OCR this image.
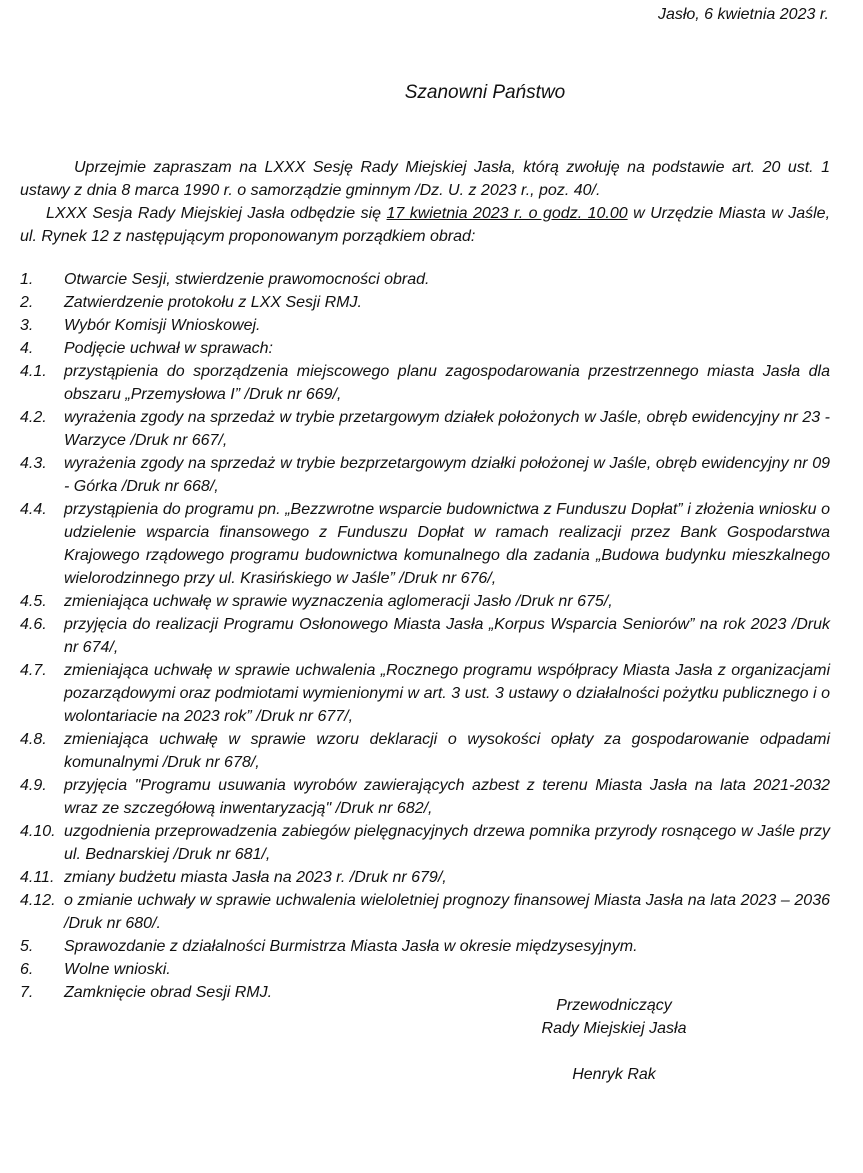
Jasło, 6 kwietnia 2023 r.
Szanowni Państwo

Uprzejmie zapraszam na LXXX Sesję Rady Miejskiej Jasła, którą zwołuję na podstawie art. 20 ust. 1 ustawy z dnia 8 marca 1990 r. o samorządzie gminnym /Dz. U. z 2023 r., poz. 40/.

LXXX Sesja Rady Miejskiej Jasła odbędzie się 17 kwietnia 2023 r. o godz. 10.00 w Urzędzie Miasta w Jaśle, ul. Rynek 12 z następującym proponowanym porządkiem obrad:

1.	Otwarcie Sesji, stwierdzenie prawomocności obrad.
2.	Zatwierdzenie protokołu z LXX Sesji RMJ.
3.	Wybór Komisji Wnioskowej.
4.	Podjęcie uchwał w sprawach:
4.1.	przystąpienia do sporządzenia miejscowego planu zagospodarowania przestrzennego miasta Jasła dla obszaru „Przemysłowa I” /Druk nr 669/,
4.2.	wyrażenia zgody na sprzedaż w trybie przetargowym działek położonych w Jaśle, obręb ewidencyjny nr 23 - Warzyce /Druk nr 667/,
4.3.	wyrażenia zgody na sprzedaż w trybie bezprzetargowym działki położonej w Jaśle, obręb ewidencyjny nr 09 - Górka /Druk nr 668/,
4.4.	przystąpienia do programu pn. „Bezzwrotne wsparcie budownictwa z Funduszu Dopłat” i złożenia wniosku o udzielenie wsparcia finansowego z Funduszu Dopłat w ramach realizacji przez Bank Gospodarstwa Krajowego rządowego programu budownictwa komunalnego dla zadania „Budowa budynku mieszkalnego wielorodzinnego przy ul. Krasińskiego w Jaśle” /Druk nr 676/,
4.5.	zmieniająca uchwałę w sprawie wyznaczenia aglomeracji Jasło /Druk nr 675/,
4.6.	przyjęcia do realizacji Programu Osłonowego Miasta Jasła „Korpus Wsparcia Seniorów” na rok 2023 /Druk nr 674/,
4.7.	zmieniająca uchwałę w sprawie uchwalenia „Rocznego programu współpracy Miasta Jasła z organizacjami pozarządowymi oraz podmiotami wymienionymi w art. 3 ust. 3 ustawy o działalności pożytku publicznego i o wolontariacie na 2023 rok” /Druk nr 677/,
4.8.	zmieniająca uchwałę w sprawie wzoru deklaracji o wysokości opłaty za gospodarowanie odpadami komunalnymi /Druk nr 678/,
4.9.	przyjęcia "Programu usuwania wyrobów zawierających azbest z terenu Miasta Jasła na lata 2021-2032 wraz ze szczegółową inwentaryzacją" /Druk nr 682/,
4.10. uzgodnienia przeprowadzenia zabiegów pielęgnacyjnych drzewa pomnika przyrody rosnącego w Jaśle przy ul. Bednarskiej /Druk nr 681/,
4.11. zmiany budżetu miasta Jasła na 2023 r. /Druk nr 679/,
4.12. o zmianie uchwały w sprawie uchwalenia wieloletniej prognozy finansowej Miasta Jasła na lata 2023 – 2036 /Druk nr 680/.
5.	Sprawozdanie z działalności Burmistrza Miasta Jasła w okresie międzysesyjnym.
6.	Wolne wnioski.
7.	Zamknięcie obrad Sesji RMJ.
Przewodniczący
Rady Miejskiej Jasła
Henryk Rak
